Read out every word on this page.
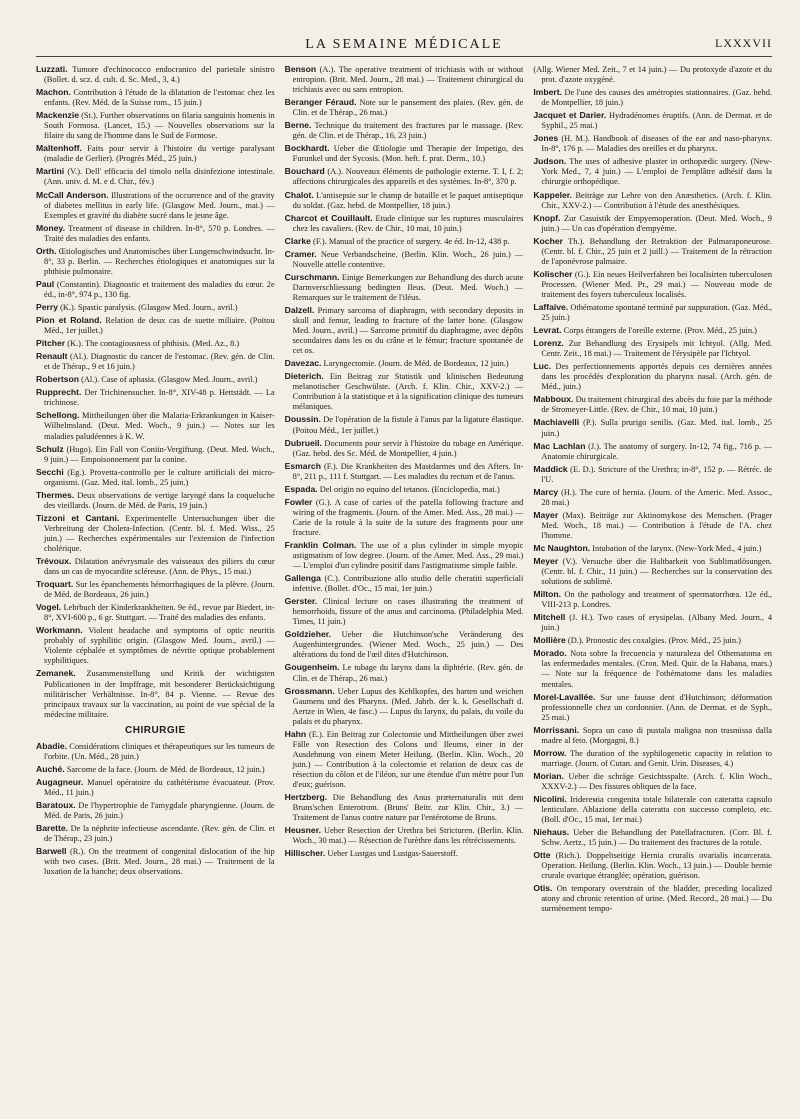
LA SEMAINE MÉDICALE	LXXXVII

Luzzati. Tumore d'echinococco endocranico del parietale sinistro (Bollet. d. scz. d. cult. d. Sc. Med., 3, 4.)

Machon. Contribution à l'étude de la dilatation de l'estomac chez les enfants. (Rev. Méd. de la Suisse rom., 15 juin.)

Mackenzie (St.). Further observations on filaria sanguinis homenis in South Formosa. (Lancet, 15.) — Nouvelles observations sur la filaire du sang de l'homme dans le Sud de Formose.

Maltenhoff. Faits pour servir à l'histoire du vertige paralysant (maladie de Gerlier). (Progrès Méd., 25 juin.)

Martini (V.). Dell' efficacia del timolo nella disinfezione intestinale. (Ann. univ. d. M. e d. Chir., fév.)

McCall Anderson. Illustrations of the occurrence and of the gravity of diabetes mellitus in early life. (Glasgow Med. Journ., mai.) — Exemples et gravité du diabète sucré dans le jeune âge.

Money. Treatment of disease in children. In-8°, 570 p. Londres. — Traité des maladies des enfants.

Orth. Œtiologisches und Anatomisches über Lungenschwindsucht. In-8°, 33 p. Berlin. — Recherches étiologiques et anatomiques sur la phthisie pulmonaire.

Paul (Constantin). Diagnostic et traitement des maladies du cœur. 2e éd., in-8°, 974 p., 130 fig.

Perry (K.). Spastic paralysis. (Glasgow Med. Journ., avril.)

Pion et Roland. Relation de deux cas de suette miliaire. (Poitou Méd., 1er juillet.)

Pitcher (K.). The contagiousness of phthisis. (Med. Az., 8.)

Renault (Al.). Diagnostic du cancer de l'estomac. (Rev. gén. de Clin. et de Thérap., 9 et 16 juin.)

Robertson (Al.). Case of aphasia. (Glasgow Med. Journ., avril.)

Rupprecht. Der Trichinensucher. In-8°, XIV-48 p. Hettstädt. — La trichinose.

Schellong. Mittheilungen über die Malaria-Erkrankungen in Kaiser-Wilhelmsland. (Deut. Med. Woch., 9 juin.) — Notes sur les maladies paludéennes à K. W.

Schulz (Hugo). Ein Fall von Coniin-Vergiftung. (Deut. Med. Woch., 9 juin.) — Empoisonnement par la conine.

Secchi (Eg.). Provetta-controllo per le culture artificiali dei micro-organismi. (Gaz. Med. ital. lomb., 25 juin.)

Thermes. Deux observations de vertige laryngé dans la coqueluche des vieillards. (Journ. de Méd. de Paris, 19 juin.)

Tizzoni et Cantani. Experimentelle Untersuchungen über die Verbreitung der Cholera-Infection. (Centr. bl. f. Med. Wiss., 25 juin.) — Recherches expérimentales sur l'extension de l'infection cholérique.

Trévoux. Dilatation anévrysmale des vaisseaux des piliers du cœur dans un cas de myocardite scléreuse. (Ann. de Phys., 15 mai.)

Troquart. Sur les épanchements hémorrhagiques de la plèvre. (Journ. de Méd. de Bordeaux, 26 juin.)

Vogel. Lehrbuch der Kinderkrankheiten. 9e éd., revue par Biedert, in-8°, XVI-600 p., 6 gr. Stuttgart. — Traité des maladies des enfants.

Workmann. Violent headache and symptoms of optic neuritis probably of syphilitic origin. (Glasgow Med. Journ., avril.) — Violente céphalée et symptômes de névrite optique probablement syphilitiques.

Zemanek. Zusammenstellung und Kritik der wichtigsten Publicationen in der Impffrage, mit besonderer Berücksichtigung militärischer Verhältnisse. In-8°, 84 p. Vienne. — Revue des principaux travaux sur la vaccination, au point de vue spécial de la médecine militaire.

CHIRURGIE

Abadie. Considérations cliniques et thérapeutiques sur les tumeurs de l'orbite. (Un. Méd., 28 juin.)

Auché. Sarcome de la face. (Journ. de Méd. de Bordeaux, 12 juin.)

Augagneur. Manuel opératoire du cathétérisme évacuateur. (Prov. Méd., 11 juin.)

Baratoux. De l'hypertrophie de l'amygdale pharyngienne. (Journ. de Méd. de Paris, 26 juin.)

Barette. De la néphrite infectieuse ascendante. (Rev. gén. de Clin. et de Thérap., 23 juin.)

Barwell (R.). On the treatment of congenital dislocation of the hip with two cases. (Brit. Med. Journ., 28 mai.) — Traitement de la luxation de la hanche; deux observations.

Benson (A.). The operative treatment of trichiasis with or without entropion. (Brit. Med. Journ., 28 mai.) — Traitement chirurgical du trichiasis avec ou sans entropion.

Beranger Féraud. Note sur le pansement des plaies. (Rev. gén. de Clin. et de Thérap., 26 mai.)

Berne. Technique du traitement des fractures par le massage. (Rev. gén. de Clin. et de Thérap., 16, 23 juin.)

Bockhardt. Ueber die Œtiologie und Therapie der Impetigo, des Furunkel und der Sycosis. (Mon. heft. f. prat. Derm., 10.)

Bouchard (A.). Nouveaux éléments de pathologie externe. T. I, f. 2; affections chirurgicales des appareils et des systèmes. In-8°, 370 p.

Chalot. L'antisepsie sur le champ de bataille et le paquet antiseptique du soldat. (Gaz. hebd. de Montpellier, 18 juin.)

Charcot et Couillault. Etude clinique sur les ruptures musculaires chez les cavaliers. (Rev. de Chir., 10 mai, 10 juin.)

Clarke (F.). Manual of the practice of surgery. 4e éd. In-12, 438 p.

Cramer. Neue Verbandscheine. (Berlin. Klin. Woch., 26 juin.) — Nouvelle attelle contentive.

Curschmann. Einige Bemerkungen zur Behandlung des durch acute Darmverschliessung bedingten Ileus. (Deut. Med. Woch.) — Remarques sur le traitement de l'iléus.

Dalzell. Primary sarcoma of diaphragm, with secondary deposits in skull and femur, leading to fracture of the latter bone. (Glasgow Med. Journ., avril.) — Sarcome primitif du diaphragme, avec dépôts secondaires dans les os du crâne et le fémur; fracture spontanée de cet os.

Davezac. Laryngectomie. (Journ. de Méd. de Bordeaux, 12 juin.)

Dieterich. Ein Beitrag zur Statistik und klinischen Bedeutung melanotischer Geschwülste. (Arch. f. Klin. Chir., XXV-2.) — Contribution à la statistique et à la signification clinique des tumeurs mélaniques.

Doussin. De l'opération de la fistule à l'anus par la ligature élastique. (Poitou Méd., 1er juillet.)

Dubrueil. Documents pour servir à l'histoire du tubage en Amérique. (Gaz. hebd. des Sc. Méd. de Montpellier, 4 juin.)

Esmarch (F.). Die Krankheiten des Mastdarmes und des Afters. In-8°, 211 p., 111 f. Stuttgart. — Les maladies du rectum et de l'anus.

Espada. Del origin no equino del tetanos. (Enciclopedia, mai.)

Fowler (G.). A case of caries of the patella following fracture and wiring of the fragments. (Journ. of the Amer. Med. Ass., 28 mai.) — Carie de la rotule à la suite de la suture des fragments pour une fracture.

Franklin Colman. The use of a plus cylinder in simple myopic astigmatism of low degree. (Journ. of the Amer. Med. Ass., 29 mai.) — L'emploi d'un cylindre positif dans l'astigmatisme simple faible.

Gallenga (C.). Contribuzione allo studio delle cheratiti superficiali infettive. (Bollet. d'Oc., 15 mai, 1er juin.)

Gerster. Clinical lecture on cases illustrating the treatment of hemorrhoids, fissure of the anus and carcinoma. (Philadelphia Med. Times, 11 juin.)

Goldzieher. Ueber die Hutchinson'sche Veränderung des Augenhintergrundes. (Wiener Med. Woch., 25 juin.) — Des altérations du fond de l'œil dites d'Hutchinson.

Gougenheim. Le tubage du larynx dans la diphtérie. (Rev. gén. de Clin. et de Thérap., 26 mai.)

Grossmann. Ueber Lupus des Kehlkopfes, des harten und weichen Gaumens und des Pharynx. (Med. Jahrb. der k. k. Gesellschaft d. Aertze in Wien, 4e fasc.) — Lupus du larynx, du palais, du voile du palais et du pharynx.

Hahn (E.). Ein Beitrag zur Colectomie und Mittheilungen über zwei Fälle von Resection des Colons und Ileums, einer in der Ausdehnung von einem Meter Heilung. (Berlin. Klin. Woch., 20 juin.) — Contribution à la colectomie et relation de deux cas de résection du côlon et de l'iléon, sur une étendue d'un mètre pour l'un d'eux; guérison.

Hertzberg. Die Behandlung des Anus præternaturalis mit dem Bruns'schen Enterotrom. (Bruns' Beitr. zur Klin. Chir., 3.) — Traitement de l'anus contre nature par l'entérotome de Bruns.

Heusner. Ueber Resection der Urethra bei Stricturen. (Berlin. Klin. Woch., 30 mai.) — Résection de l'urèthre dans les rétrécissements.

Hillischer. Ueber Lustgas und Lustgas-Sauerstoff.

(Allg. Wiener Med. Zeit., 7 et 14 juin.) — Du protoxyde d'azote et du prot. d'azote oxygéné.

Imbert. De l'une des causes des amétropies stationnaires. (Gaz. hebd. de Montpellier, 18 juin.)

Jacquet et Darier. Hydradénomes éruptifs. (Ann. de Dermat. et de Syphil., 25 mai.)

Jones (H. M.). Handbook of diseases of the ear and naso-pharynx. In-8°, 176 p. — Maladies des oreilles et du pharynx.

Judson. The uses of adhesive plaster in orthopædic surgery. (New-York Med., 7, 4 juin.) — L'emploi de l'emplâtre adhésif dans la chirurgie orthopédique.

Kappeler. Beiträge zur Lehre von den Anæsthetics. (Arch. f. Klin. Chir., XXV-2.) — Contribution à l'étude des anesthésiques.

Knopf. Zur Casuistik der Empyemoperation. (Deut. Med. Woch., 9 juin.) — Un cas d'opération d'empyème.

Kocher Th.). Behandlung der Retraktion der Palmaraponeurose. (Centr. bl. f. Chir., 25 juin et 2 juill.) — Traitement de la rétraction de l'aponévrose palmaire.

Kolischer (G.). Ein neues Heilverfahren bei localisirten tuberculosen Processen. (Wiener Med. Pr., 29 mai.) — Nouveau mode de traitement des foyers tuberculeux localisés.

Laffaive. Othématome spontané terminé par suppuration. (Gaz. Méd., 25 juin.)

Levrat. Corps étrangers de l'oreille externe. (Prov. Méd., 25 juin.)

Lorenz. Zur Behandlung des Erysipels mit Ichtyol. (Allg. Med. Centr. Zeit., 18 mai.) — Traitement de l'érysipèle par l'Ichtyol.

Luc. Des perfectionnements apportés depuis ces dernières années dans les procédés d'exploration du pharynx nasal. (Arch. gén. de Méd., juin.)

Mabboux. Du traitement chirurgical des abcès du foie par la méthode de Stromeyer-Little. (Rev. de Chir., 10 mai, 10 juin.)

Machiavelli (P.). Sulla prurigo senilis. (Gaz. Med. ital. lomb., 25 juin.)

Mac Lachlan (J.). The anatomy of surgery. In-12, 74 fig., 716 p. — Anatomie chirurgicale.

Maddick (E. D.). Stricture of the Urethra; in-8°, 152 p. — Rétréc. de l'U.

Marcy (H.). The cure of hernia. (Journ. of the Americ. Med. Assoc., 28 mai.)

Mayer (Max). Beiträge zur Aktinomykose des Menschen. (Prager Med. Woch., 18 mai.) — Contribution à l'étude de l'A. chez l'homme.

Mc Naughton. Intubation of the larynx. (New-York Med., 4 juin.)

Meyer (V.). Versuche über die Haltbarkeit von Sublimatlösungen. (Centr. bl. f. Chir., 11 juin.) — Recherches sur la conservation des solutions de sublimé.

Milton. On the pathology and treatment of spermatorrhœa. 12e éd., VIII-213 p. Londres.

Mitchell (J. H.). Two cases of erysipelas. (Albany Med. Journ., 4 juin.)

Mollière (D.). Pronostic des coxalgies. (Prov. Méd., 25 juin.)

Morado. Nota sobre la frecuencia y naturaleza del Othematoma en las enfermedades mentales. (Cron. Med. Quir. de la Habana, mars.) — Note sur la fréquence de l'othématome dans les maladies mentales.

Morel-Lavallée. Sur une fausse dent d'Hutchinson; déformation professionnelle chez un cordonnier. (Ann. de Dermat. et de Syph., 25 mai.)

Morrissani. Sopra un caso di pustala maligna non trasmissa dalla madre al feto. (Morgagni, 8.)

Morrow. The duration of the syphilogenetic capacity in relation to marriage. (Journ. of Cutan. and Genit. Urin. Diseases, 4.)

Morian. Ueber die schräge Gesichtsspalte. (Arch. f. Klin Woch., XXXV-2.) — Des fissures obliques de la face.

Nicolini. Iridereмia congenita totale bilaterale con cateratta capsulo lenticulare. Ablazione della cateratta con successo completo, etc. (Boll. d'Oc., 15 mai, 1er mai.)

Niehaus. Ueber die Behandlung der Patellafracturen. (Corr. Bl. f. Schw. Aertz., 15 juin.) — Du traitement des fractures de la rotule.

Otte (Rich.). Doppeltseitige Hernia cruralis ovarialis incarcerata. Operation. Heilung. (Berlin. Klin. Woch., 13 juin.) — Double hernie crurale ovarique étranglée; opération, guérison.

Otis. On temporary overstrain of the bladder, preceding localized atony and chronic retention of urine. (Med. Record., 28 mai.) — Du surmènement tempo-
